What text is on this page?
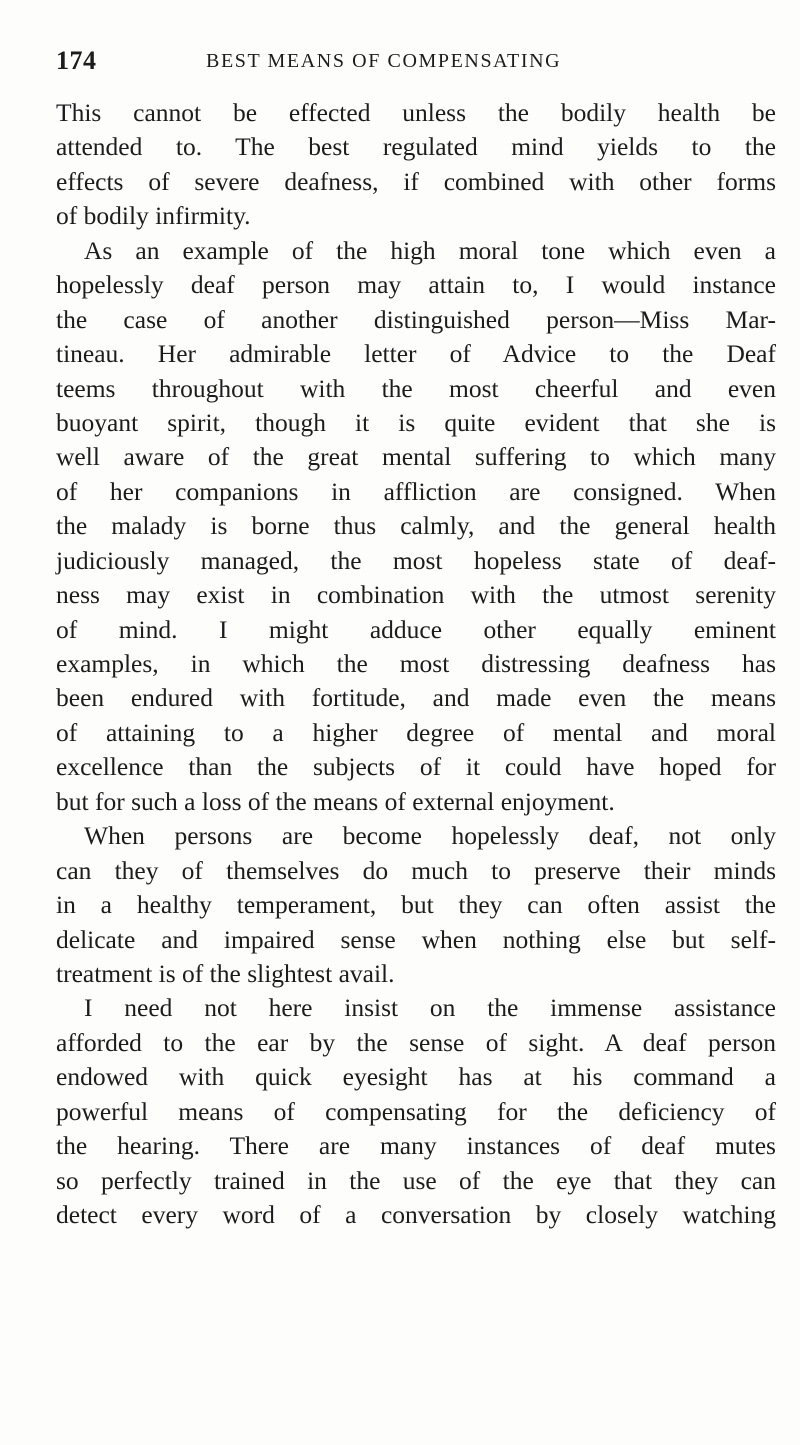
174	BEST MEANS OF COMPENSATING
This cannot be effected unless the bodily health be
attended to. The best regulated mind yields to the
effects of severe deafness, if combined with other forms
of bodily infirmity.
As an example of the high moral tone which even a
hopelessly deaf person may attain to, I would instance
the case of another distinguished person—Miss Mar-
tineau. Her admirable letter of Advice to the Deaf
teems throughout with the most cheerful and even
buoyant spirit, though it is quite evident that she is
well aware of the great mental suffering to which many
of her companions in affliction are consigned. When
the malady is borne thus calmly, and the general health
judiciously managed, the most hopeless state of deaf-
ness may exist in combination with the utmost serenity
of mind. I might adduce other equally eminent
examples, in which the most distressing deafness has
been endured with fortitude, and made even the means
of attaining to a higher degree of mental and moral
excellence than the subjects of it could have hoped for
but for such a loss of the means of external enjoyment.
When persons are become hopelessly deaf, not only
can they of themselves do much to preserve their minds
in a healthy temperament, but they can often assist the
delicate and impaired sense when nothing else but self-
treatment is of the slightest avail.
I need not here insist on the immense assistance
afforded to the ear by the sense of sight. A deaf person
endowed with quick eyesight has at his command a
powerful means of compensating for the deficiency of
the hearing. There are many instances of deaf mutes
so perfectly trained in the use of the eye that they can
detect every word of a conversation by closely watching
